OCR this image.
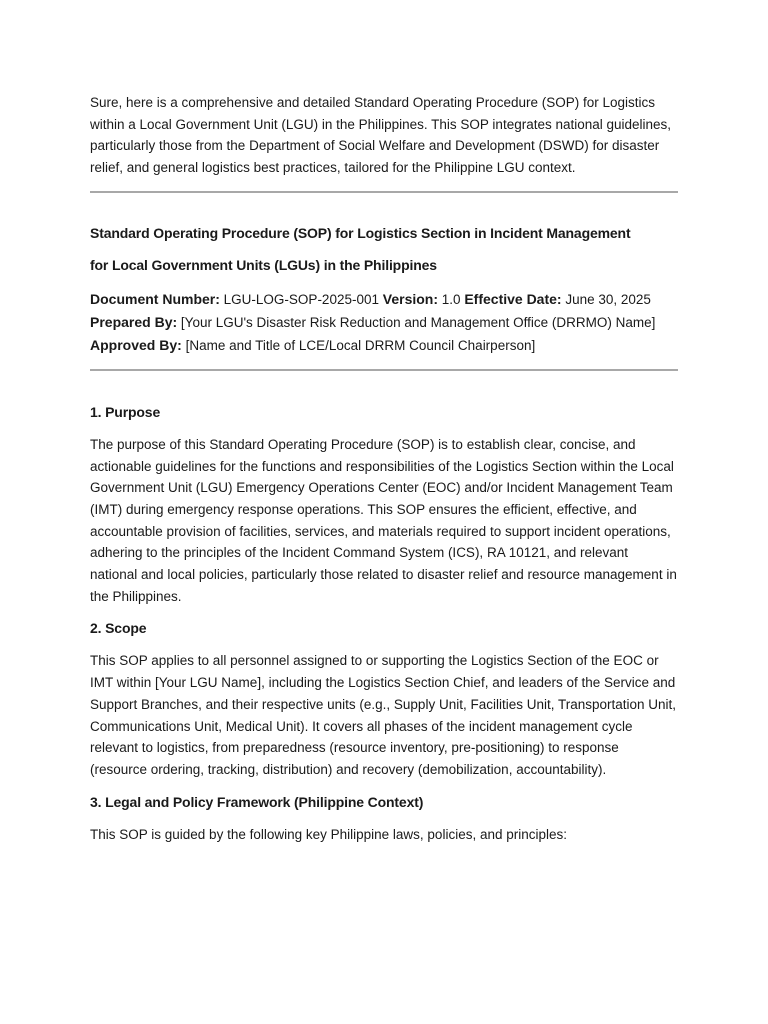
Sure, here is a comprehensive and detailed Standard Operating Procedure (SOP) for Logistics within a Local Government Unit (LGU) in the Philippines. This SOP integrates national guidelines, particularly those from the Department of Social Welfare and Development (DSWD) for disaster relief, and general logistics best practices, tailored for the Philippine LGU context.

Standard Operating Procedure (SOP) for Logistics Section in Incident Management
for Local Government Units (LGUs) in the Philippines
Document Number: LGU-LOG-SOP-2025-001 Version: 1.0 Effective Date: June 30, 2025
Prepared By: [Your LGU's Disaster Risk Reduction and Management Office (DRRMO) Name]
Approved By: [Name and Title of LCE/Local DRRM Council Chairperson]
1. Purpose

The purpose of this Standard Operating Procedure (SOP) is to establish clear, concise, and actionable guidelines for the functions and responsibilities of the Logistics Section within the Local Government Unit (LGU) Emergency Operations Center (EOC) and/or Incident Management Team (IMT) during emergency response operations. This SOP ensures the efficient, effective, and accountable provision of facilities, services, and materials required to support incident operations, adhering to the principles of the Incident Command System (ICS), RA 10121, and relevant national and local policies, particularly those related to disaster relief and resource management in the Philippines.

2. Scope

This SOP applies to all personnel assigned to or supporting the Logistics Section of the EOC or IMT within [Your LGU Name], including the Logistics Section Chief, and leaders of the Service and Support Branches, and their respective units (e.g., Supply Unit, Facilities Unit, Transportation Unit, Communications Unit, Medical Unit). It covers all phases of the incident management cycle relevant to logistics, from preparedness (resource inventory, pre-positioning) to response (resource ordering, tracking, distribution) and recovery (demobilization, accountability).

3. Legal and Policy Framework (Philippine Context)

This SOP is guided by the following key Philippine laws, policies, and principles:
